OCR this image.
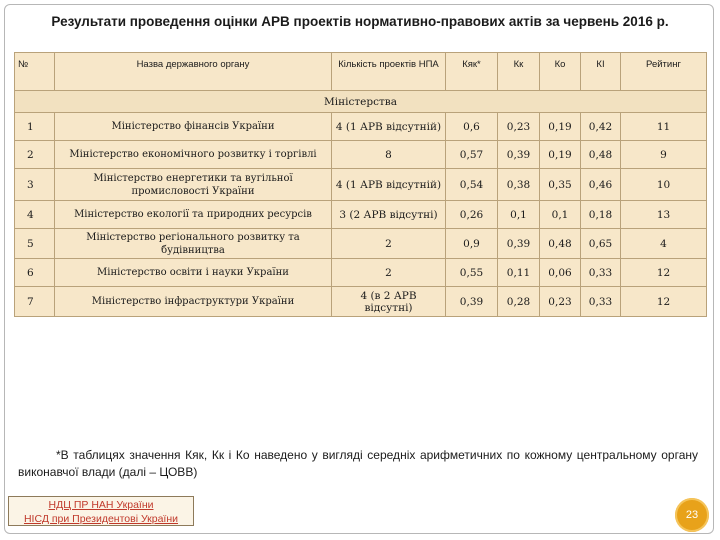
Результати проведення оцінки АРВ проектів нормативно-правових актів за червень 2016 р.
№	Назва державного органу	Кількість проектів НПА	Кяк*	Кк	Ко	КІ	Рейтинг
Міністерства							
1	Міністерство фінансів України	4 (1 АРВ відсутній)	0,6	0,23	0,19	0,42	11
2	Міністерство економічного розвитку і торгівлі	8	0,57	0,39	0,19	0,48	9
3	Міністерство енергетики та вугільної промисловості України	4 (1 АРВ відсутній)	0,54	0,38	0,35	0,46	10
4	Міністерство екології та природних ресурсів	3 (2 АРВ відсутні)	0,26	0,1	0,1	0,18	13
5	Міністерство регіонального розвитку та будівництва	2	0,9	0,39	0,48	0,65	4
6	Міністерство освіти і науки України	2	0,55	0,11	0,06	0,33	12
7	Міністерство інфраструктури України	4 (в 2 АРВ відсутні)	0,39	0,28	0,23	0,33	12
*В таблицях значення Кяк, Кк і Ко наведено у вигляді середніх арифметичних по кожному центральному органу виконавчої влади (далі – ЦОВВ)
НДЦ ПР НАН України
НІСД при Президентові України	23
